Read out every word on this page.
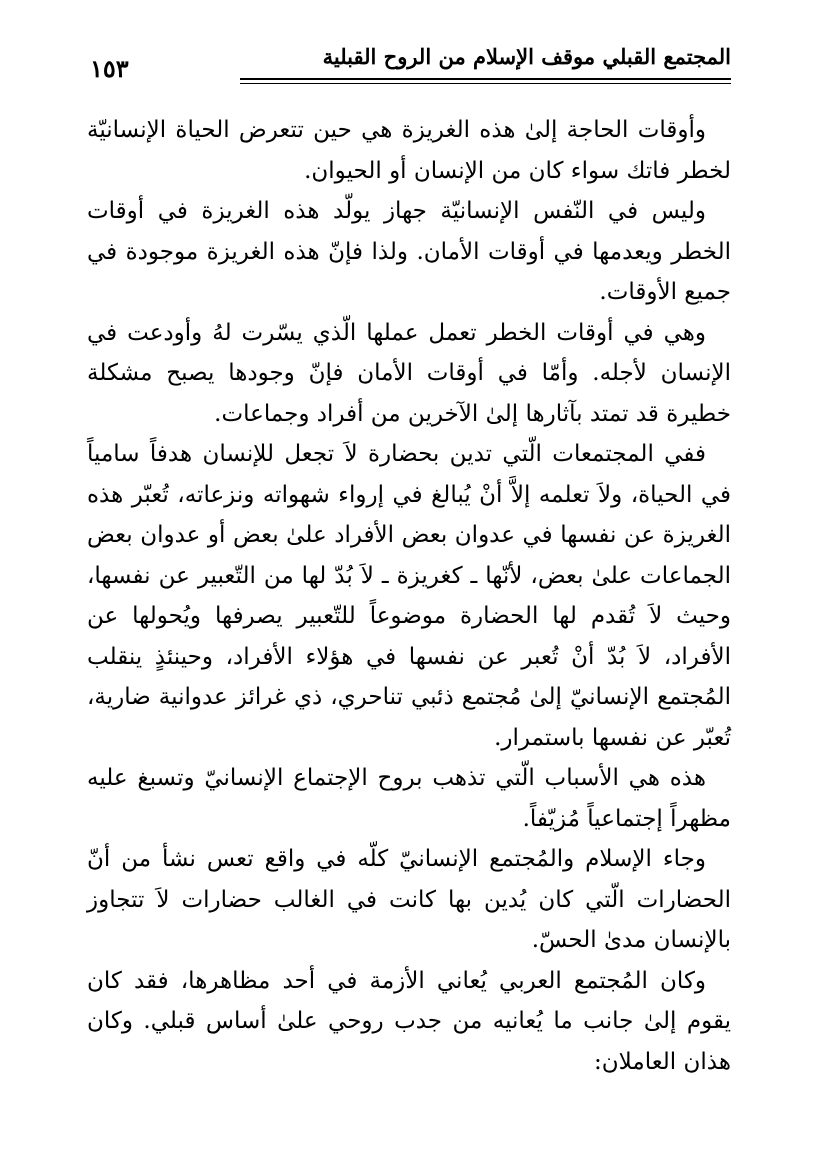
المجتمع القبلي موقف الإسلام من الروح القبلية
١٥٣

وأوقات الحاجة إلىٰ هذه الغريزة هي حين تتعرض الحياة الإنسانيّة لخطر فاتك سواء كان من الإنسان أو الحيوان.

وليس في النّفس الإنسانيّة جهاز يولّد هذه الغريزة في أوقات الخطر ويعدمها في أوقات الأمان. ولذا فإنّ هذه الغريزة موجودة في جميع الأوقات.

وهي في أوقات الخطر تعمل عملها الّذي يسّرت لهُ وأودعت في الإنسان لأجله. وأمّا في أوقات الأمان فإنّ وجودها يصبح مشكلة خطيرة قد تمتد بآثارها إلىٰ الآخرين من أفراد وجماعات.

ففي المجتمعات الّتي تدين بحضارة لاَ تجعل للإنسان هدفاً سامياً في الحياة، ولاَ تعلمه إلاَّ أنْ يُبالغ في إرواء شهواته ونزعاته، تُعبّر هذه الغريزة عن نفسها في عدوان بعض الأفراد علىٰ بعض أو عدوان بعض الجماعات علىٰ بعض، لأنّها ـ كغريزة ـ لاَ بُدّ لها من التّعبير عن نفسها، وحيث لاَ تُقدم لها الحضارة موضوعاً للتّعبير يصرفها ويُحولها عن الأفراد، لاَ بُدّ أنْ تُعبر عن نفسها في هؤلاء الأفراد، وحينئذٍ ينقلب المُجتمع الإنسانيّ إلىٰ مُجتمع ذئبي تناحري، ذي غرائز عدوانية ضارية، تُعبّر عن نفسها باستمرار.

هذه هي الأسباب الّتي تذهب بروح الإجتماع الإنسانيّ وتسبغ عليه مظهراً إجتماعياً مُزيّفاً.

وجاء الإسلام والمُجتمع الإنسانيّ كلّه في واقع تعس نشأ من أنّ الحضارات الّتي كان يُدين بها كانت في الغالب حضارات لاَ تتجاوز بالإنسان مدىٰ الحسّ.

وكان المُجتمع العربي يُعاني الأزمة في أحد مظاهرها، فقد كان يقوم إلىٰ جانب ما يُعانيه من جدب روحي علىٰ أساس قبلي. وكان هذان العاملان:
